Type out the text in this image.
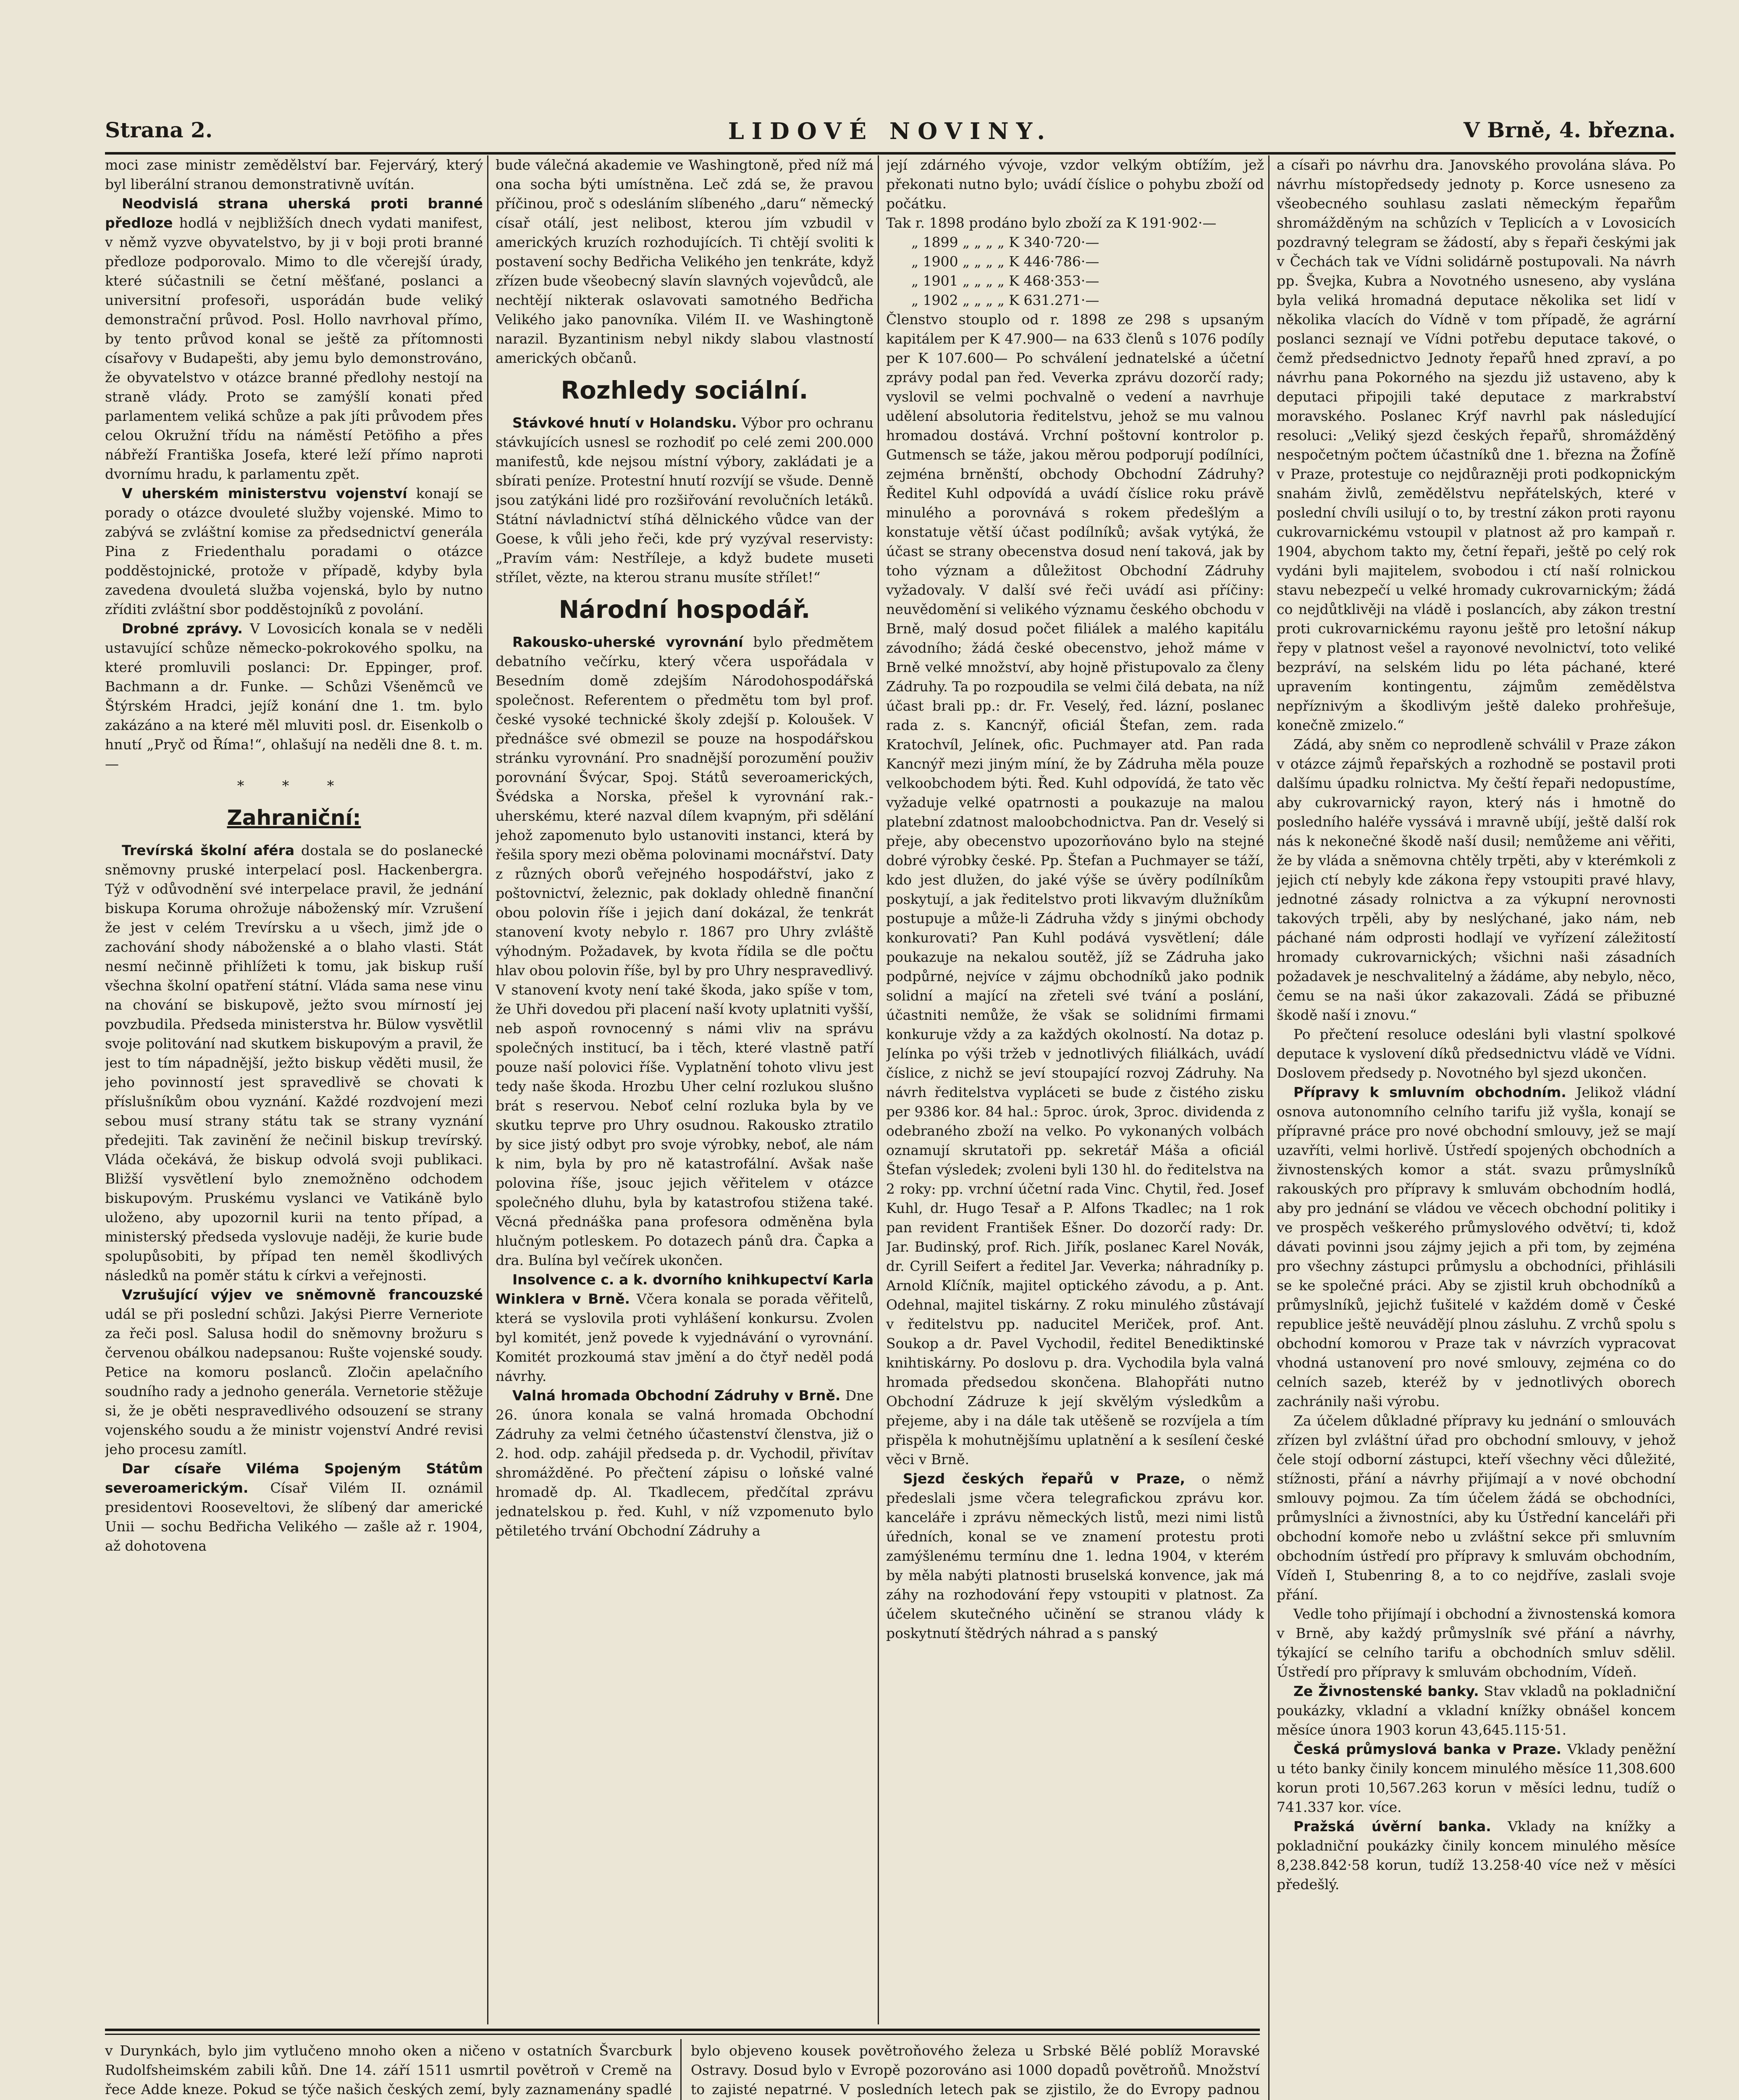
LIDOVÉ NOVINY.
Strana 2.	V Brně, 4. března.

moci zase ministr zemědělství bar. Fejervárý, který byl liberální stranou demonstrativně uvítán.

Neodvislá strana uherská proti branné předloze hodlá v nejbližších dnech vydati manifest, v němž vyzve obyvatelstvo, by ji v boji proti branné předloze podporovalo. Mimo to dle včerejší úrady, které súčastnili se četní měšťané, poslanci a universitní profesoři, usporádán bude veliký demonstrační průvod. Posl. Hollo navrhoval přímo, by tento průvod konal se ještě za přítomnosti císařovy v Budapešti, aby jemu bylo demonstrováno, že obyvatelstvo v otázce branné předlohy nestojí na straně vlády. Proto se zamýšlí konati před parlamentem veliká schůze a pak jíti průvodem přes celou Okružní třídu na náměstí Petöfiho a přes nábřeží Františka Josefa, které leží přímo naproti dvornímu hradu, k parlamentu zpět.

V uherském ministerstvu vojenství konají se porady o otázce dvouleté služby vojenské. Mimo to zabývá se zvláštní komise za předsednictví generála Pina z Friedenthalu poradami o otázce podděstojnické, protože v případě, kdyby byla zavedena dvouletá služba vojenská, bylo by nutno zříditi zvláštní sbor podděstojníků z povolání.

Drobné zprávy. V Lovosicích konala se v neděli ustavující schůze německo-pokrokového spolku, na které promluvili poslanci: Dr. Eppinger, prof. Bachmann a dr. Funke. — Schůzi Všeněmců ve Štýrském Hradci, jejíž konání dne 1. tm. bylo zakázáno a na které měl mluviti posl. dr. Eisenkolb o hnutí „Pryč od Říma!“, ohlašují na neděli dne 8. t. m. —

* * *
Zahraniční:

Trevírská školní aféra dostala se do poslanecké sněmovny pruské interpelací posl. Hackenbergra. Týž v odůvodnění své interpelace pravil, že jednání biskupa Koruma ohrožuje náboženský mír. Vzrušení že jest v celém Trevírsku a u všech, jimž jde o zachování shody náboženské a o blaho vlasti. Stát nesmí nečinně přihlížeti k tomu, jak biskup ruší všechna školní opatření státní. Vláda sama nese vinu na chování se biskupově, ježto svou mírností jej povzbudila. Předseda ministerstva hr. Bülow vysvětlil svoje politování nad skutkem biskupovým a pravil, že jest to tím nápadnější, ježto biskup věděti musil, že jeho povinností jest spravedlivě se chovati k příslušníkům obou vyznání. Každé rozdvojení mezi sebou musí strany státu tak se strany vyznání předejiti. Tak zavinění že nečinil biskup trevírský. Vláda očekává, že biskup odvolá svoji publikaci. Bližší vysvětlení bylo znemožněno odchodem biskupovým. Pruskému vyslanci ve Vatikáně bylo uloženo, aby upozornil kurii na tento případ, a ministerský předseda vyslovuje naději, že kurie bude spolupůsobiti, by případ ten neměl škodlivých následků na poměr státu k církvi a veřejnosti.

Vzrušující výjev ve sněmovně francouzské udál se při poslední schůzi. Jakýsi Pierre Verneriote za řeči posl. Salusa hodil do sněmovny brožuru s červenou obálkou nadepsanou: Rušte vojenské soudy. Petice na komoru poslanců. Zločin apelačního soudního rady a jednoho generála. Vernetorie stěžuje si, že je oběti nespravedlivého odsouzení se strany vojenského soudu a že ministr vojenství André revisi jeho procesu zamítl.

Dar císaře Viléma Spojeným Státům severoamerickým. Císař Vilém II. oznámil presidentovi Rooseveltovi, že slíbený dar americké Unii — sochu Bedřicha Velikého — zašle až r. 1904, až dohotovena

bude válečná akademie ve Washingtoně, před níž má ona socha býti umístněna. Leč zdá se, že pravou příčinou, proč s odesláním slíbeného „daru“ německý císař otálí, jest nelibost, kterou jím vzbudil v amerických kruzích rozhodujících. Ti chtějí svoliti k postavení sochy Bedřicha Velikého jen tenkráte, když zřízen bude všeobecný slavín slavných vojevůdců, ale nechtějí nikterak oslavovati samotného Bedřicha Velikého jako panovníka. Vilém II. ve Washingtoně narazil. Byzantinism nebyl nikdy slabou vlastností amerických občanů.

Rozhledy sociální.

Stávkové hnutí v Holandsku. Výbor pro ochranu stávkujících usnesl se rozhodiť po celé zemi 200.000 manifestů, kde nejsou místní výbory, zakládati je a sbírati peníze. Protestní hnutí rozvíjí se všude. Denně jsou zatýkáni lidé pro rozšiřování revolučních letáků. Státní návladnictví stíhá dělnického vůdce van der Goese, k vůli jeho řeči, kde prý vyzýval reservisty: „Pravím vám: Nestříleje, a když budete museti střílet, vězte, na kterou stranu musíte střílet!“

Národní hospodář.

Rakousko-uherské vyrovnání bylo předmětem debatního večírku, který včera uspořádala v Besedním domě zdejším Národohospodářská společnost. Referentem o předmětu tom byl prof. české vysoké technické školy zdejší p. Koloušek. V přednášce své obmezil se pouze na hospodářskou stránku vyrovnání. Pro snadnější porozumění použiv porovnání Švýcar, Spoj. Států severoamerických, Švédska a Norska, přešel k vyrovnání rak.-uherskému, které nazval dílem kvapným, při sdělání jehož zapomenuto bylo ustanoviti instanci, která by řešila spory mezi oběma polovinami mocnářství. Daty z různých oborů veřejného hospodářství, jako z poštovnictví, železnic, pak doklady ohledně finanční obou polovin říše i jejich daní dokázal, že tenkrát stanovení kvoty nebylo r. 1867 pro Uhry zvláště výhodným. Požadavek, by kvota řídila se dle počtu hlav obou polovin říše, byl by pro Uhry nespravedlivý. V stanovení kvoty není také škoda, jako spíše v tom, že Uhři dovedou při placení naší kvoty uplatniti vyšší, neb aspoň rovnocenný s námi vliv na správu společných institucí, ba i těch, které vlastně patří pouze naší polovici říše. Vyplatnění tohoto vlivu jest tedy naše škoda. Hrozbu Uher celní rozlukou slušno brát s reservou. Neboť celní rozluka byla by ve skutku teprve pro Uhry osudnou. Rakousko ztratilo by sice jistý odbyt pro svoje výrobky, neboť, ale nám k nim, byla by pro ně katastrofální. Avšak naše polovina říše, jsouc jejich věřitelem v otázce společného dluhu, byla by katastrofou stižena také. Věcná přednáška pana profesora odměněna byla hlučným potleskem. Po dotazech pánů dra. Čapka a dra. Bulína byl večírek ukončen.

Insolvence c. a k. dvorního knihkupectví Karla Winklera v Brně. Včera konala se porada věřitelů, která se vyslovila proti vyhlášení konkursu. Zvolen byl komitét, jenž povede k vyjednávání o vyrovnání. Komitét prozkoumá stav jmění a do čtyř neděl podá návrhy.

Valná hromada Obchodní Zádruhy v Brně. Dne 26. února konala se valná hromada Obchodní Zádruhy za velmi četného účastenství členstva, již o 2. hod. odp. zahájil předseda p. dr. Vychodil, přivítav shromážděné. Po přečtení zápisu o loňské valné hromadě dp. Al. Tkadlecem, předčítal zprávu jednatelskou p. řed. Kuhl, v níž vzpomenuto bylo pětiletého trvání Obchodní Zádruhy a

její zdárného vývoje, vzdor velkým obtížím, jež překonati nutno bylo; uvádí číslice o pohybu zboží od počátku.

Tak r. 1898 prodáno bylo zboží za K 191·902·—
„ 1899 „ „ „ „ K 340·720·—
„ 1900 „ „ „ „ K 446·786·—
„ 1901 „ „ „ „ K 468·353·—
„ 1902 „ „ „ „ K 631.271·—

Členstvo stouplo od r. 1898 ze 298 s upsaným kapitálem per K 47.900— na 633 členů s 1076 podíly per K 107.600— Po schválení jednatelské a účetní zprávy podal pan řed. Veverka zprávu dozorčí rady; vyslovil se velmi pochvalně o vedení a navrhuje udělení absolutoria ředitelstvu, jehož se mu valnou hromadou dostává. Vrchní poštovní kontrolor p. Gutmensch se táže, jakou měrou podporují podílníci, zejména brněnští, obchody Obchodní Zádruhy? Ředitel Kuhl odpovídá a uvádí číslice roku právě minulého a porovnává s rokem předešlým a konstatuje větší účast podílníků; avšak vytýká, že účast se strany obecenstva dosud není taková, jak by toho význam a důležitost Obchodní Zádruhy vyžadovaly. V další své řeči uvádí asi příčiny: neuvědomění si velikého významu českého obchodu v Brně, malý dosud počet filiálek a malého kapitálu závodního; žádá české obecenstvo, jehož máme v Brně velké množství, aby hojně přistupovalo za členy Zádruhy. Ta po rozpoudila se velmi čilá debata, na níž účast brali pp.: dr. Fr. Veselý, řed. lázní, poslanec rada z. s. Kancnýř, oficiál Štefan, zem. rada Kratochvíl, Jelínek, ofic. Puchmayer atd. Pan rada Kancnýř mezi jiným míní, že by Zádruha měla pouze velkoobchodem býti. Řed. Kuhl odpovídá, že tato věc vyžaduje velké opatrnosti a poukazuje na malou platební zdatnost maloobchodnictva. Pan dr. Veselý si přeje, aby obecenstvo upozorňováno bylo na stejné dobré výrobky české. Pp. Štefan a Puchmayer se táží, kdo jest dlužen, do jaké výše se úvěry podílníkům poskytují, a jak ředitelstvo proti likvavým dlužníkům postupuje a může-li Zádruha vždy s jinými obchody konkurovati? Pan Kuhl podává vysvětlení; dále poukazuje na nekalou soutěž, jíž se Zádruha jako podpůrné, nejvíce v zájmu obchodníků jako podnik solidní a mající na zřeteli své tvání a poslání, účastniti nemůže, že však se solidními firmami konkuruje vždy a za každých okolností. Na dotaz p. Jelínka po výši tržeb v jednotlivých filiálkách, uvádí číslice, z nichž se jeví stoupající rozvoj Zádruhy. Na návrh ředitelstva vypláceti se bude z čistého zisku per 9386 kor. 84 hal.: 5proc. úrok, 3proc. dividenda z odebraného zboží na velko. Po vykonaných volbách oznamují skrutatoři pp. sekretář Máša a oficiál Štefan výsledek; zvoleni byli 130 hl. do ředitelstva na 2 roky: pp. vrchní účetní rada Vinc. Chytil, řed. Josef Kuhl, dr. Hugo Tesař a P. Alfons Tkadlec; na 1 rok pan revident František Ešner. Do dozorčí rady: Dr. Jar. Budinský, prof. Rich. Jiřík, poslanec Karel Novák, dr. Cyrill Seifert a ředitel Jar. Veverka; náhradníky p. Arnold Klíčník, majitel optického závodu, a p. Ant. Odehnal, majitel tiskárny. Z roku minulého zůstávají v ředitelstvu pp. naducitel Meriček, prof. Ant. Soukop a dr. Pavel Vychodil, ředitel Benediktinské knihtiskárny. Po doslovu p. dra. Vychodila byla valná hromada předsedou skončena. Blahopřáti nutno Obchodní Zádruze k její skvělým výsledkům a přejeme, aby i na dále tak utěšeně se rozvíjela a tím přispěla k mohutnějšímu uplatnění a k sesílení české věci v Brně.

Sjezd českých řepařů v Praze, o němž předeslali jsme včera telegrafickou zprávu kor. kanceláře i zprávu německých listů, mezi nimi listů úředních, konal se ve znamení protestu proti zamýšlenému termínu dne 1. ledna 1904, v kterém by měla nabýti platnosti bruselská konvence, jak má záhy na rozhodování řepy vstoupiti v platnost. Za účelem skutečného učinění se stranou vlády k poskytnutí štědrých náhrad a s panský

a císaři po návrhu dra. Janovského provolána sláva. Po návrhu místopředsedy jednoty p. Korce usneseno za všeobecného souhlasu zaslati německým řepařům shromážděným na schůzích v Teplicích a v Lovosicích pozdravný telegram se žádostí, aby s řepaři českými jak v Čechách tak ve Vídni solidárně postupovali. Na návrh pp. Švejka, Kubra a Novotného usneseno, aby vyslána byla veliká hromadná deputace několika set lidí v několika vlacích do Vídně v tom případě, že agrární poslanci seznají ve Vídni potřebu deputace takové, o čemž předsednictvo Jednoty řepařů hned zpraví, a po návrhu pana Pokorného na sjezdu již ustaveno, aby k deputaci připojili také deputace z markrabství moravského. Poslanec Krýf navrhl pak následující resoluci: „Veliký sjezd českých řepařů, shromážděný nespočetným počtem účastníků dne 1. března na Žofíně v Praze, protestuje co nejdůrazněji proti podkopnickým snahám živlů, zemědělstvu nepřátelských, které v poslední chvíli usilují o to, by trestní zákon proti rayonu cukrovarnickému vstoupil v platnost až pro kampaň r. 1904, abychom takto my, četní řepaři, ještě po celý rok vydáni byli majitelem, svobodou i ctí naší rolnickou stavu nebezpečí u velké hromady cukrovarnickým; žádá co nejdůtklivěji na vládě i poslancích, aby zákon trestní proti cukrovarnickému rayonu ještě pro letošní nákup řepy v platnost vešel a rayonové nevolnictví, toto veliké bezpráví, na selském lidu po léta páchané, které upravením kontingentu, zájmům zemědělstva nepříznivým a škodlivým ještě daleko prohřešuje, konečně zmizelo.“

Zádá, aby sněm co neprodleně schválil v Praze zákon v otázce zájmů řepařských a rozhodně se postavil proti dalšímu úpadku rolnictva. My čeští řepaři nedopustíme, aby cukrovarnický rayon, který nás i hmotně do posledního haléře vyssává i mravně ubíjí, ještě další rok nás k nekonečné škodě naší dusil; nemůžeme ani věřiti, že by vláda a sněmovna chtěly trpěti, aby v kterémkoli z jejich ctí nebyly kde zákona řepy vstoupiti pravé hlavy, jednotné zásady rolnictva a za výkupní nerovnosti takových trpěli, aby by neslýchané, jako nám, neb páchané nám odprosti hodlají ve vyřízení záležitostí hromady cukrovarnických; všichni naši zásadních požadavek je neschvalitelný a žádáme, aby nebylo, něco, čemu se na naši úkor zakazovali. Zádá se přibuzné škodě naší i znovu.“

Po přečtení resoluce odesláni byli vlastní spolkové deputace k vyslovení díků předsednictvu vládě ve Vídni. Doslovem předsedy p. Novotného byl sjezd ukončen.

Přípravy k smluvním obchodním. Jelikož vládní osnova autonomního celního tarifu již vyšla, konají se přípravné práce pro nové obchodní smlouvy, jež se mají uzavříti, velmi horlivě. Ústředí spojených obchodních a živnostenských komor a stát. svazu průmyslníků rakouských pro přípravy k smluvám obchodním hodlá, aby pro jednání se vládou ve věcech obchodní politiky i ve prospěch veškerého průmyslového odvětví; ti, kdož dávati povinni jsou zájmy jejich a při tom, by zejména pro všechny zástupci průmyslu a obchodníci, přihlásili se ke společné práci. Aby se zjistil kruh obchodníků a průmyslníků, jejichž ťušitelé v každém domě v České republice ještě neuvádějí plnou zásluhu. Z vrchů spolu s obchodní komorou v Praze tak v návrzích vypracovat vhodná ustanovení pro nové smlouvy, zejména co do celních sazeb, kteréž by v jednotlivých oborech zachránily naši výrobu.

Za účelem důkladné přípravy ku jednání o smlouvách zřízen byl zvláštní úřad pro obchodní smlouvy, v jehož čele stojí odborní zástupci, kteří všechny věci důležité, stížnosti, přání a návrhy přijímají a v nové obchodní smlouvy pojmou. Za tím účelem žádá se obchodníci, průmyslníci a živnostníci, aby ku Ústřední kanceláři při obchodní komoře nebo u zvláštní sekce při smluvním obchodním ústředí pro přípravy k smluvám obchodním, Vídeň I, Stubenring 8, a to co nejdříve, zaslali svoje přání.

Vedle toho přijímají i obchodní a živnostenská komora v Brně, aby každý průmyslník své přání a návrhy, týkající se celního tarifu a obchodních smluv sdělil. Ústředí pro přípravy k smluvám obchodním, Vídeň.

Ze Živnostenské banky. Stav vkladů na pokladniční poukázky, vkladní a vkladní knížky obnášel koncem měsíce února 1903 korun 43,645.115·51.

Česká průmyslová banka v Praze. Vklady peněžní u této banky činily koncem minulého měsíce 11,308.600 korun proti 10,567.263 korun v měsíci lednu, tudíž o 741.337 kor. více.

Pražská úvěrní banka. Vklady na knížky a pokladniční poukázky činily koncem minulého měsíce 8,238.842·58 korun, tudíž 13.258·40 více než v měsíci předešlý.

v Durynkách, bylo jim vytlučeno mnoho oken a ničeno v ostatních Švarcburk Rudolfsheimském zabili kůň. Dne 14. září 1511 usmrtil povětroň v Cremě na řece Adde kneze. Pokud se týče našich českých zemí, byly zaznamenány spadlé

bylo objeveno kousek povětroňového železa u Srbské Bělé poblíž Moravské Ostravy. Dosud bylo v Evropě pozorováno asi 1000 dopadů povětroňů. Množství to zajisté nepatrné. V posledních letech pak se zjistilo, že do Evropy padnou
